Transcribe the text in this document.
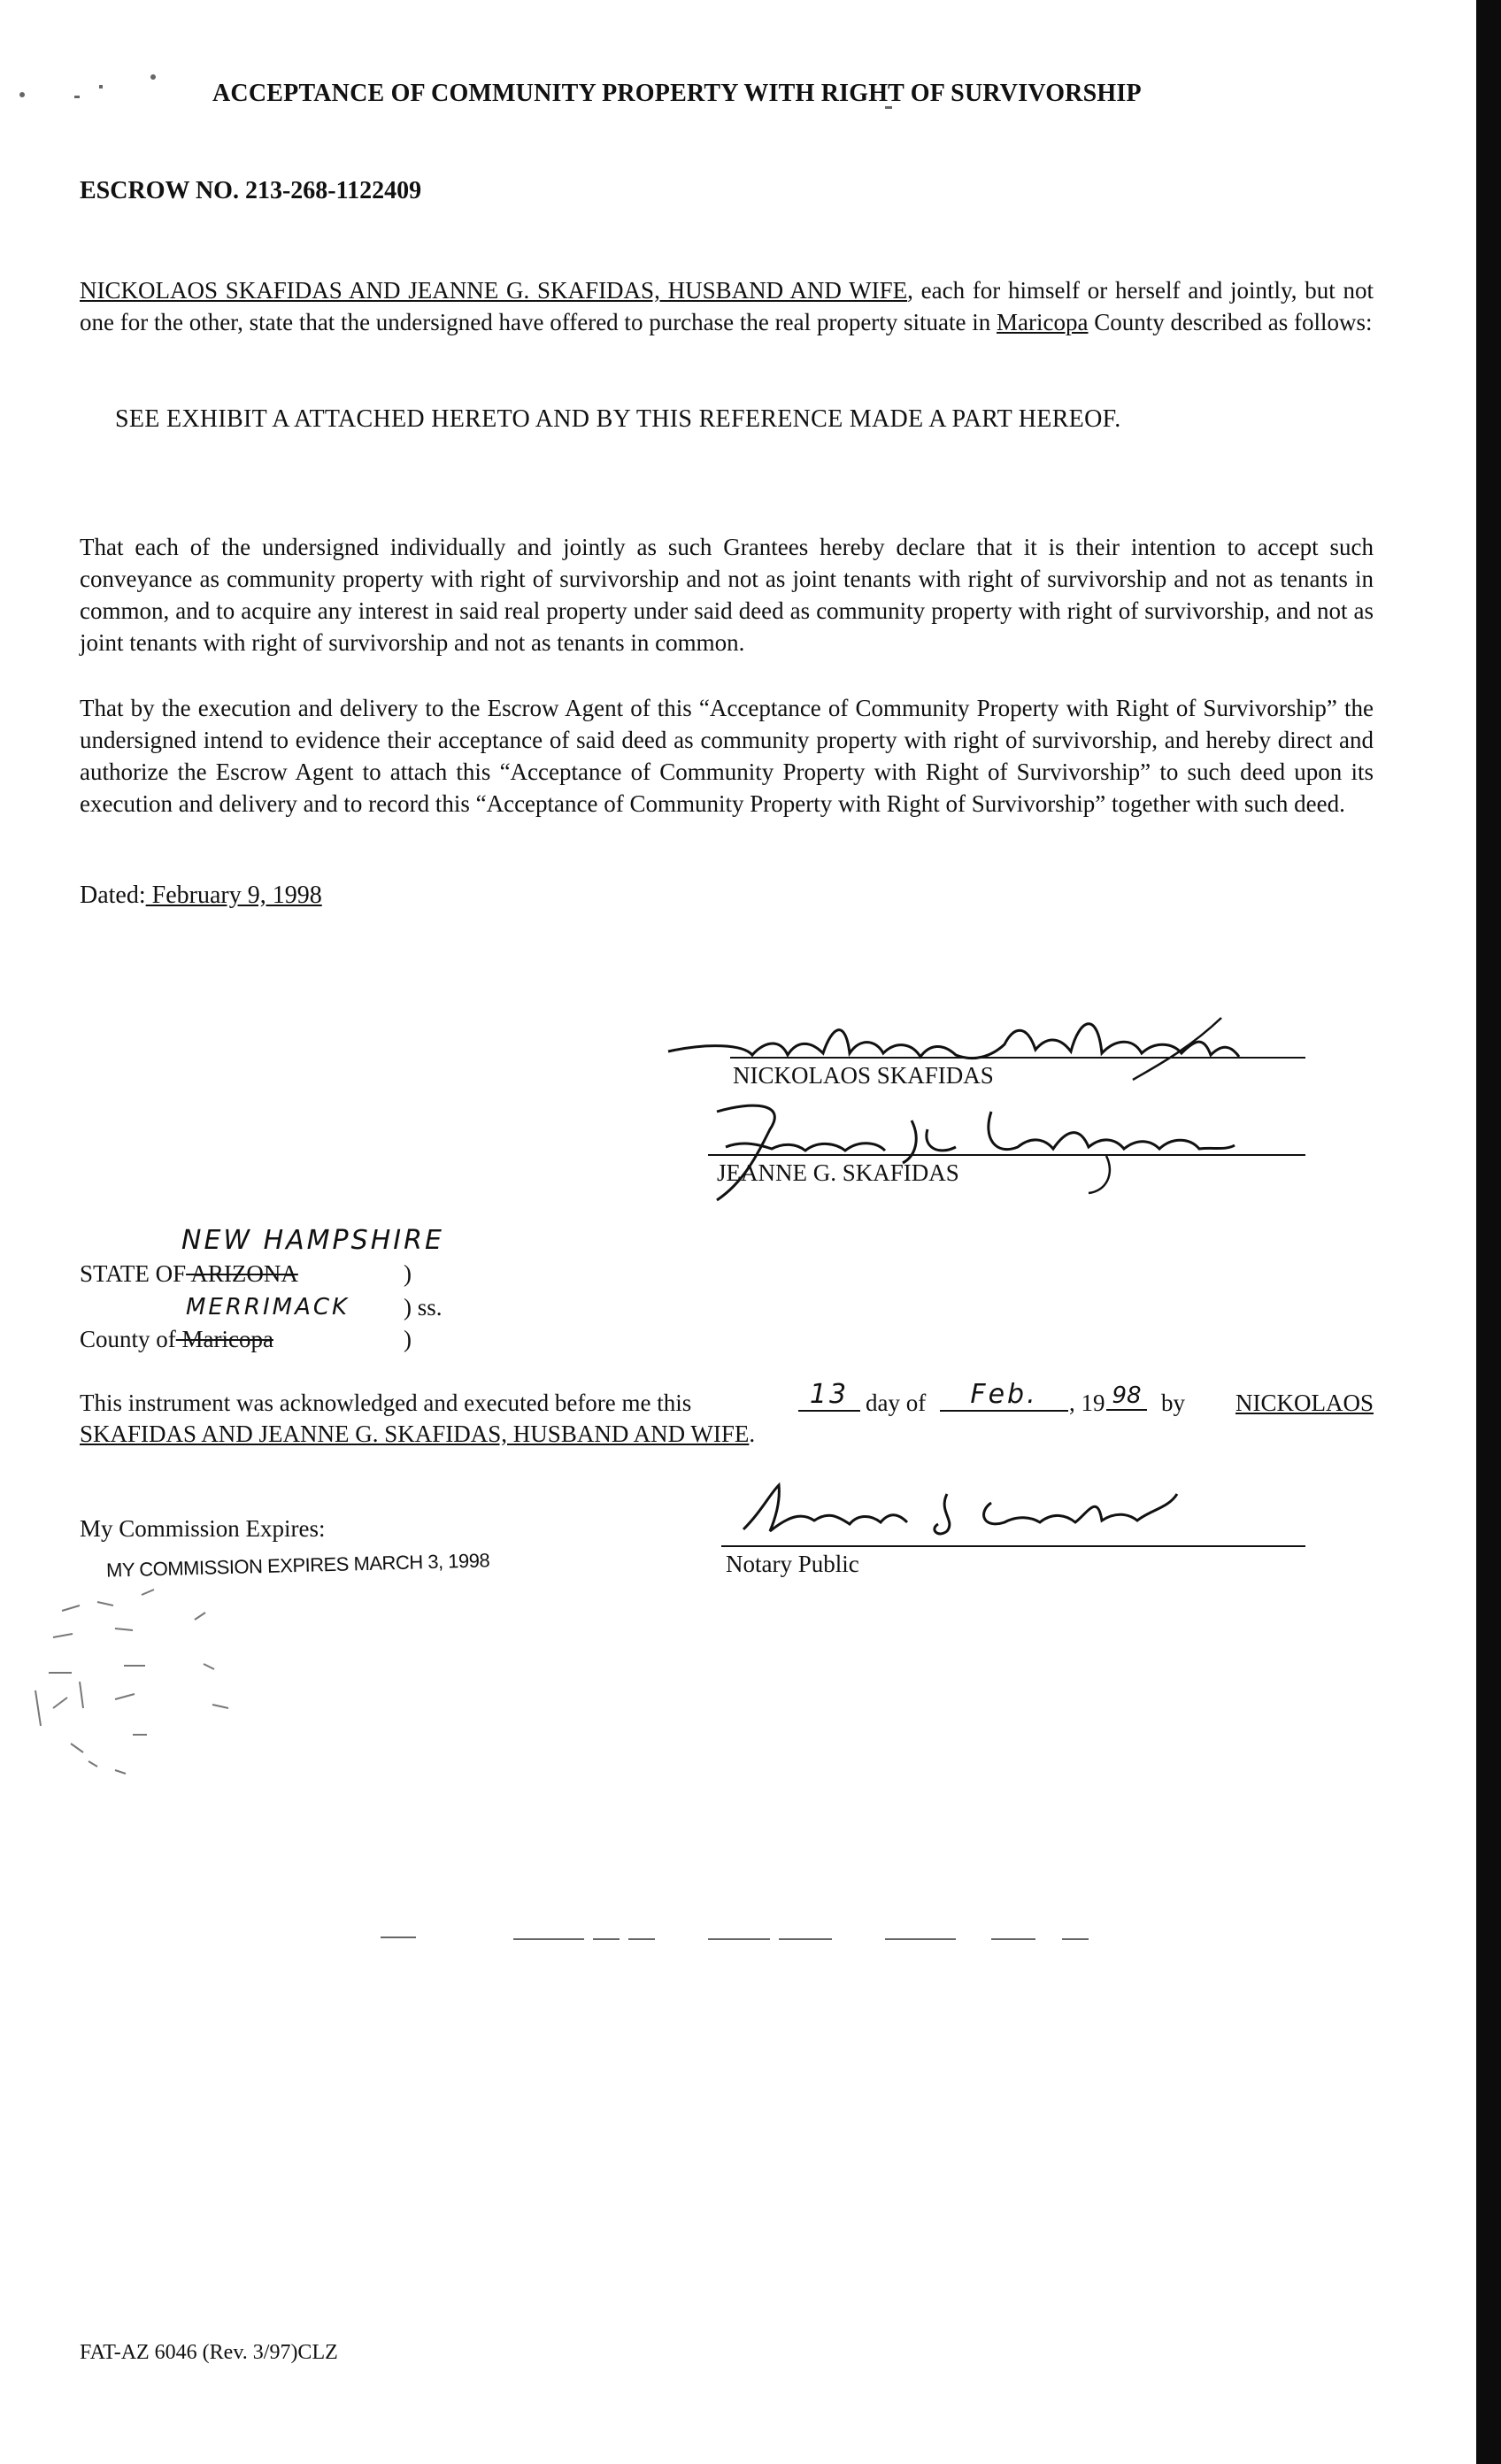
ACCEPTANCE OF COMMUNITY PROPERTY WITH RIGHT OF SURVIVORSHIP
ESCROW NO. 213-268-1122409
NICKOLAOS SKAFIDAS AND JEANNE G. SKAFIDAS, HUSBAND AND WIFE, each for himself or herself and jointly, but not one for the other, state that the undersigned have offered to purchase the real property situate in Maricopa County described as follows:
SEE EXHIBIT A ATTACHED HERETO AND BY THIS REFERENCE MADE A PART HEREOF.
That each of the undersigned individually and jointly as such Grantees hereby declare that it is their intention to accept such conveyance as community property with right of survivorship and not as joint tenants with right of survivorship and not as tenants in common, and to acquire any interest in said real property under said deed as community property with right of survivorship, and not as joint tenants with right of survivorship and not as tenants in common.
That by the execution and delivery to the Escrow Agent of this “Acceptance of Community Property with Right of Survivorship” the undersigned intend to evidence their acceptance of said deed as community property with right of survivorship, and hereby direct and authorize the Escrow Agent to attach this “Acceptance of Community Property with Right of Survivorship” to such deed upon its execution and delivery and to record this “Acceptance of Community Property with Right of Survivorship” together with such deed.
Dated: February 9, 1998
NICKOLAOS SKAFIDAS
JEANNE G. SKAFIDAS
NEW HAMPSHIRE
STATE OF ARIZONA	)
MERRIMACK ) ss.
County of Maricopa	)
This instrument was acknowledged and executed before me this	13 day of	Feb.	, 19 98 by	NICKOLAOS
SKAFIDAS AND JEANNE G. SKAFIDAS, HUSBAND AND WIFE.
My Commission Expires:
MY COMMISSION EXPIRES MARCH 3, 1998	Notary Public
FAT-AZ 6046 (Rev. 3/97)CLZ
